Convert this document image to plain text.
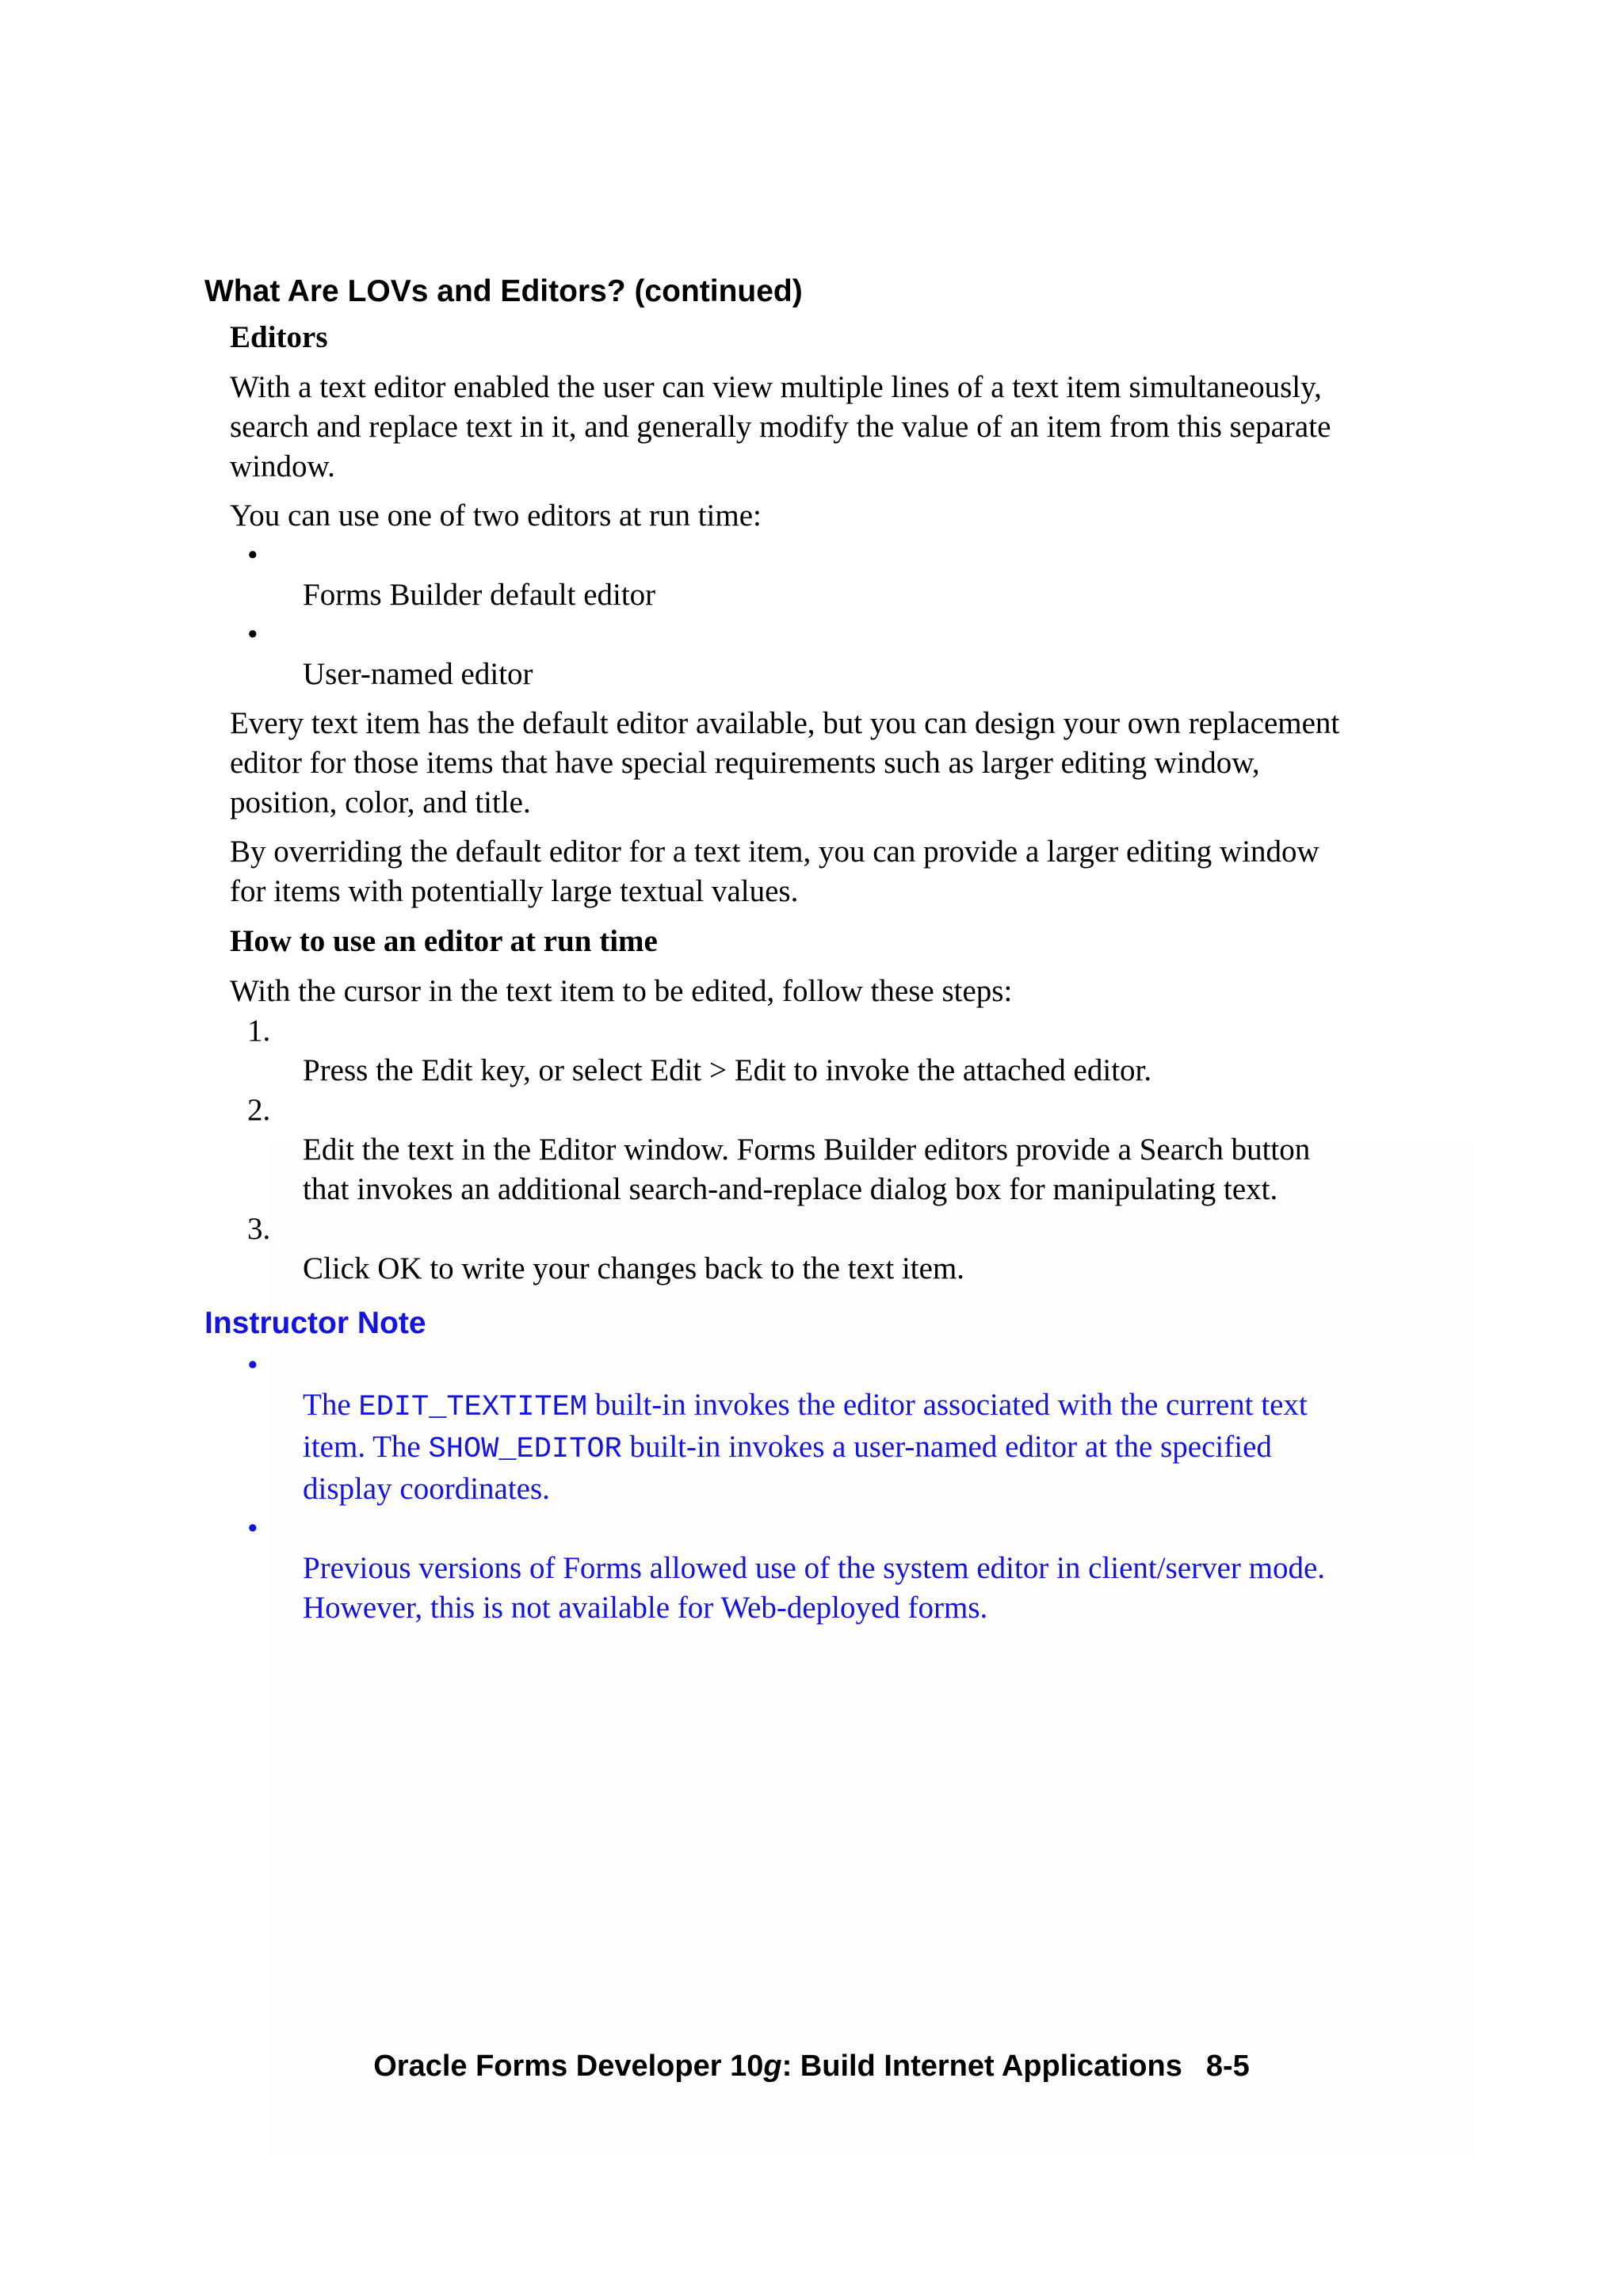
What Are LOVs and Editors? (continued)
Editors
With a text editor enabled the user can view multiple lines of a text item simultaneously,
search and replace text in it, and generally modify the value of an item from this separate
window.
You can use one of two editors at run time:

•
Forms Builder default editor

•
User-named editor

Every text item has the default editor available, but you can design your own replacement
editor for those items that have special requirements such as larger editing window,
position, color, and title.
By overriding the default editor for a text item, you can provide a larger editing window
for items with potentially large textual values.
How to use an editor at run time
With the cursor in the text item to be edited, follow these steps:

1.
Press the Edit key, or select Edit > Edit to invoke the attached editor.

2.
Edit the text in the Editor window. Forms Builder editors provide a Search button
that invokes an additional search-and-replace dialog box for manipulating text.

3.
Click OK to write your changes back to the text item.

Instructor Note

•
The EDIT_TEXTITEM built-in invokes the editor associated with the current text
item. The SHOW_EDITOR built-in invokes a user-named editor at the specified
display coordinates.

•
Previous versions of Forms allowed use of the system editor in client/server mode.
However, this is not available for Web-deployed forms.

Oracle Forms Developer 10g: Build Internet Applications 8-5
